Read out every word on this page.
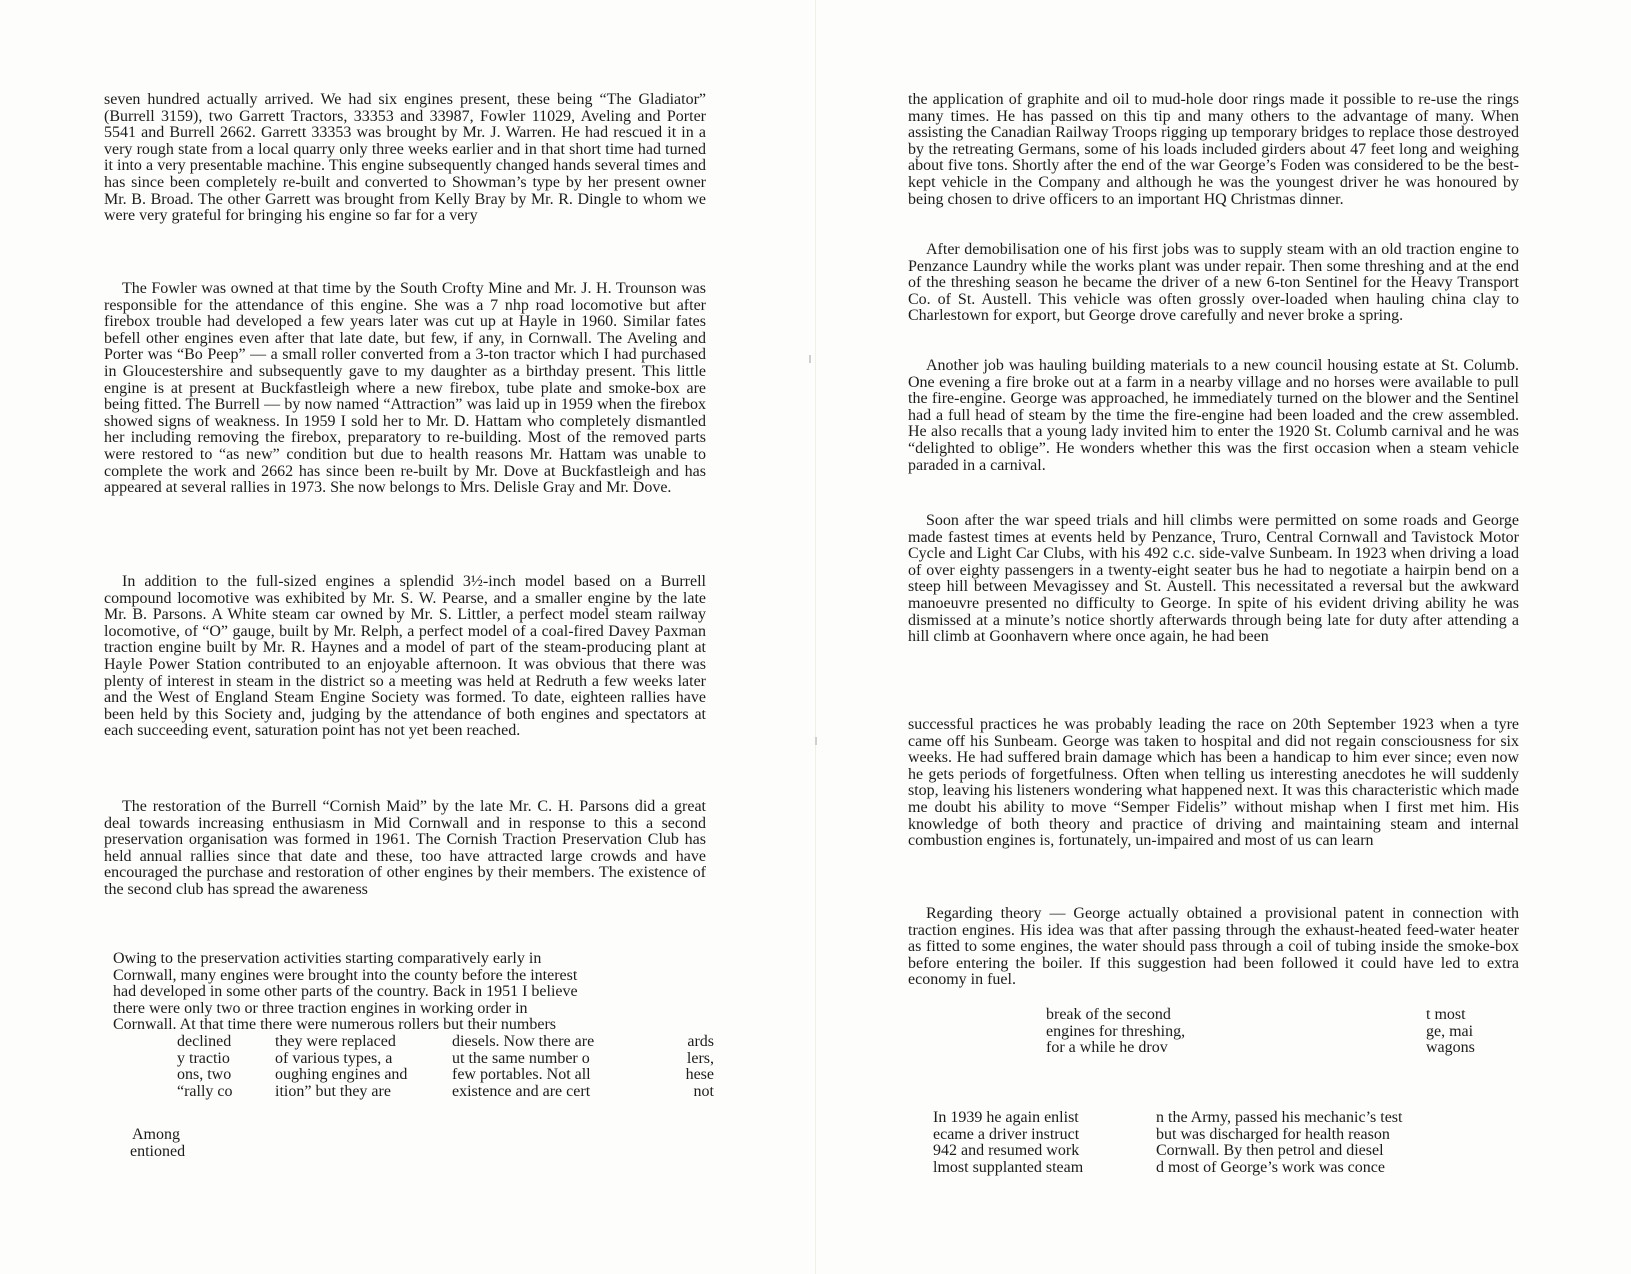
seven hundred actually arrived. We had six engines present, these being “The Gladiator” (Burrell 3159), two Garrett Tractors, 33353 and 33987, Fowler 11029, Aveling and Porter 5541 and Burrell 2662. Garrett 33353 was brought by Mr. J. Warren. He had rescued it in a very rough state from a local quarry only three weeks earlier and in that short time had turned it into a very presentable machine. This engine subsequently changed hands several times and has since been completely re-built and converted to Showman’s type by her present owner Mr. B. Broad. The other Garrett was brought from Kelly Bray by Mr. R. Dingle to whom we were very grateful for bringing his engine so far for a very

The Fowler was owned at that time by the South Crofty Mine and Mr. J. H. Trounson was responsible for the attendance of this engine. She was a 7 nhp road locomotive but after firebox trouble had developed a few years later was cut up at Hayle in 1960. Similar fates befell other engines even after that late date, but few, if any, in Cornwall. The Aveling and Porter was “Bo Peep” — a small roller converted from a 3-ton tractor which I had purchased in Gloucestershire and subsequently gave to my daughter as a birthday present. This little engine is at present at Buckfastleigh where a new firebox, tube plate and smoke-box are being fitted. The Burrell — by now named “Attraction” was laid up in 1959 when the firebox showed signs of weakness. In 1959 I sold her to Mr. D. Hattam who completely dismantled her including removing the firebox, preparatory to re-building. Most of the removed parts were restored to “as new” condition but due to health reasons Mr. Hattam was unable to complete the work and 2662 has since been re-built by Mr. Dove at Buckfastleigh and has appeared at several rallies in 1973. She now belongs to Mrs. Delisle Gray and Mr. Dove.

In addition to the full-sized engines a splendid 3½-inch model based on a Burrell compound locomotive was exhibited by Mr. S. W. Pearse, and a smaller engine by the late Mr. B. Parsons. A White steam car owned by Mr. S. Littler, a perfect model steam railway locomotive, of “O” gauge, built by Mr. Relph, a perfect model of a coal-fired Davey Paxman traction engine built by Mr. R. Haynes and a model of part of the steam-producing plant at Hayle Power Station contributed to an enjoyable afternoon. It was obvious that there was plenty of interest in steam in the district so a meeting was held at Redruth a few weeks later and the West of England Steam Engine Society was formed. To date, eighteen rallies have been held by this Society and, judging by the attendance of both engines and spectators at each succeeding event, saturation point has not yet been reached.

The restoration of the Burrell “Cornish Maid” by the late Mr. C. H. Parsons did a great deal towards increasing enthusiasm in Mid Cornwall and in response to this a second preservation organisation was formed in 1961. The Cornish Traction Preservation Club has held annual rallies since that date and these, too have attracted large crowds and have encouraged the purchase and restoration of other engines by their members. The existence of the second club has spread the awareness

Owing to the preservation activities starting comparatively early in
Cornwall, many engines were brought into the county before the interest
had developed in some other parts of the country. Back in 1951 I believe
there were only two or three traction engines in working order in
Cornwall. At that time there were numerous rollers but their numbers
declined
y tractio
ons, two
“rally co
they were replaced
of various types, a
oughing engines and
ition” but they are
diesels. Now there are
ut the same number o
few portables. Not all
existence and are cert
ards
lers,
hese
not
Among
entioned

the application of graphite and oil to mud-hole door rings made it possible to re-use the rings many times. He has passed on this tip and many others to the advantage of many. When assisting the Canadian Railway Troops rigging up temporary bridges to replace those destroyed by the retreating Germans, some of his loads included girders about 47 feet long and weighing about five tons. Shortly after the end of the war George’s Foden was considered to be the best-kept vehicle in the Company and although he was the youngest driver he was honoured by being chosen to drive officers to an important HQ Christmas dinner.

After demobilisation one of his first jobs was to supply steam with an old traction engine to Penzance Laundry while the works plant was under repair. Then some threshing and at the end of the threshing season he became the driver of a new 6-ton Sentinel for the Heavy Transport Co. of St. Austell. This vehicle was often grossly over-loaded when hauling china clay to Charlestown for export, but George drove carefully and never broke a spring.

Another job was hauling building materials to a new council housing estate at St. Columb. One evening a fire broke out at a farm in a nearby village and no horses were available to pull the fire-engine. George was approached, he immediately turned on the blower and the Sentinel had a full head of steam by the time the fire-engine had been loaded and the crew assembled. He also recalls that a young lady invited him to enter the 1920 St. Columb carnival and he was “delighted to oblige”. He wonders whether this was the first occasion when a steam vehicle paraded in a carnival.

Soon after the war speed trials and hill climbs were permitted on some roads and George made fastest times at events held by Penzance, Truro, Central Cornwall and Tavistock Motor Cycle and Light Car Clubs, with his 492 c.c. side-valve Sunbeam. In 1923 when driving a load of over eighty passengers in a twenty-eight seater bus he had to negotiate a hairpin bend on a steep hill between Mevagissey and St. Austell. This necessitated a reversal but the awkward manoeuvre presented no difficulty to George. In spite of his evident driving ability he was dismissed at a minute’s notice shortly afterwards through being late for duty after attending a hill climb at Goonhavern where once again, he had been

successful practices he was probably leading the race on 20th September 1923 when a tyre came off his Sunbeam. George was taken to hospital and did not regain consciousness for six weeks. He had suffered brain damage which has been a handicap to him ever since; even now he gets periods of forgetfulness. Often when telling us interesting anecdotes he will suddenly stop, leaving his listeners wondering what happened next. It was this characteristic which made me doubt his ability to move “Semper Fidelis” without mishap when I first met him. His knowledge of both theory and practice of driving and maintaining steam and internal combustion engines is, fortunately, un-impaired and most of us can learn

Regarding theory — George actually obtained a provisional patent in connection with traction engines. His idea was that after passing through the exhaust-heated feed-water heater as fitted to some engines, the water should pass through a coil of tubing inside the smoke-box before entering the boiler. If this suggestion had been followed it could have led to extra economy in fuel.

break of the second
engines for threshing,
for a while he drov
t most
ge, mai
wagons
In 1939 he again enlist
ecame a driver instruct
942 and resumed work
lmost supplanted steam
n the Army, passed his mechanic’s test
but was discharged for health reason
Cornwall. By then petrol and diesel
d most of George’s work was conce
